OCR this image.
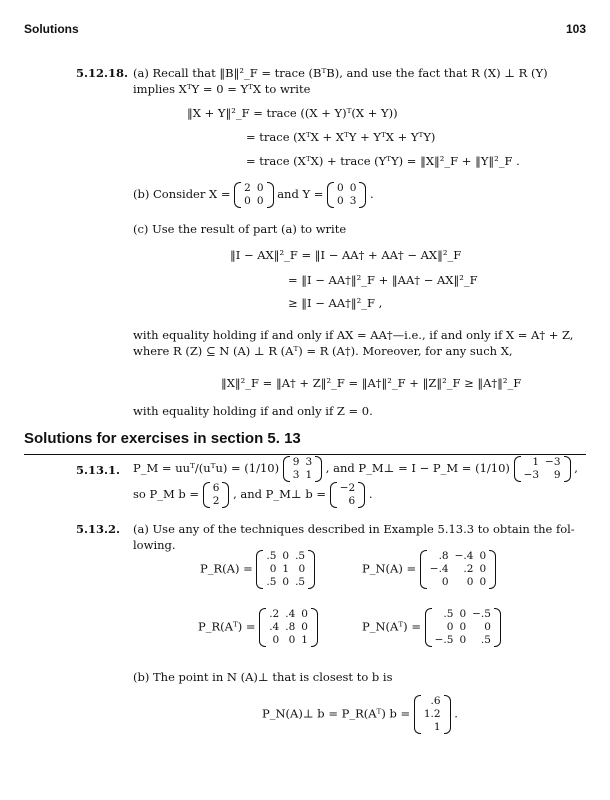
Solutions	103
5.12.18. (a) Recall that ‖B‖²_F = trace (BᵀB), and use the fact that R (X) ⊥ R (Y)
implies XᵀY = 0 = YᵀX to write
‖X + Y‖²_F = trace ((X + Y)ᵀ(X + Y))
= trace (XᵀX + XᵀY + YᵀX + YᵀY)
= trace (XᵀX) + trace (YᵀY) = ‖X‖²_F + ‖Y‖²_F .
(b) Consider X = 2	0
0	0 and Y = 0	0
0	3 .
(c) Use the result of part (a) to write
‖I − AX‖²_F = ‖I − AA† + AA† − AX‖²_F
= ‖I − AA†‖²_F + ‖AA† − AX‖²_F
≥ ‖I − AA†‖²_F ,
with equality holding if and only if AX = AA†—i.e., if and only if X = A† + Z,
where R (Z) ⊆ N (A) ⊥ R (Aᵀ) = R (A†). Moreover, for any such X,
‖X‖²_F = ‖A† + Z‖²_F = ‖A†‖²_F + ‖Z‖²_F ≥ ‖A†‖²_F
with equality holding if and only if Z = 0.
Solutions for exercises in section 5. 13
5.13.1. P_M = uuᵀ/(uᵀu) = (1/10) 9	3
3	1 , and P_M⊥ = I − P_M = (1/10) 1	−3
−3	9 ,
so P_M b = 6
2 , and P_M⊥ b = −2
6 .
5.13.2. (a) Use any of the techniques described in Example 5.13.3 to obtain the fol-
lowing.
P_R(A) =
.5	0	.5
0	1	0
.5	0	.5
P_N(A) =
.8	−.4	0
−.4	.2	0
0	0	0
P_R(Aᵀ) =
.2	.4	0
.4	.8	0
0	0	1
P_N(Aᵀ) =
.5	0	−.5
0	0	0
−.5	0	.5
(b) The point in N (A)⊥ that is closest to b is
P_N(A)⊥ b = P_R(Aᵀ) b =
.6
1.2
1
.
